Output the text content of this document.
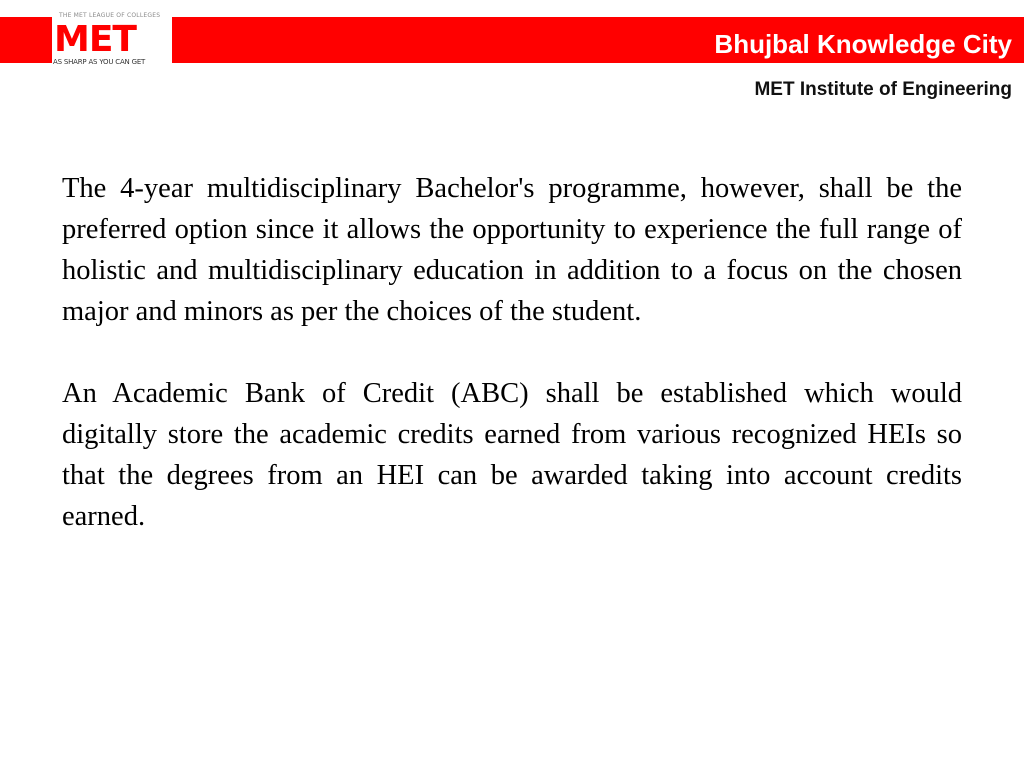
THE MET LEAGUE OF COLLEGES
MET
AS SHARP AS YOU CAN GET
Bhujbal Knowledge City
MET Institute of Engineering

The 4-year multidisciplinary Bachelor's programme, however, shall be the preferred option since it allows the opportunity to experience the full range of holistic and multidisciplinary education in addition to a focus on the chosen major and minors as per the choices of the student.

An Academic Bank of Credit (ABC) shall be established which would digitally store the academic credits earned from various recognized HEIs so that the degrees from an HEI can be awarded taking into account credits earned.
